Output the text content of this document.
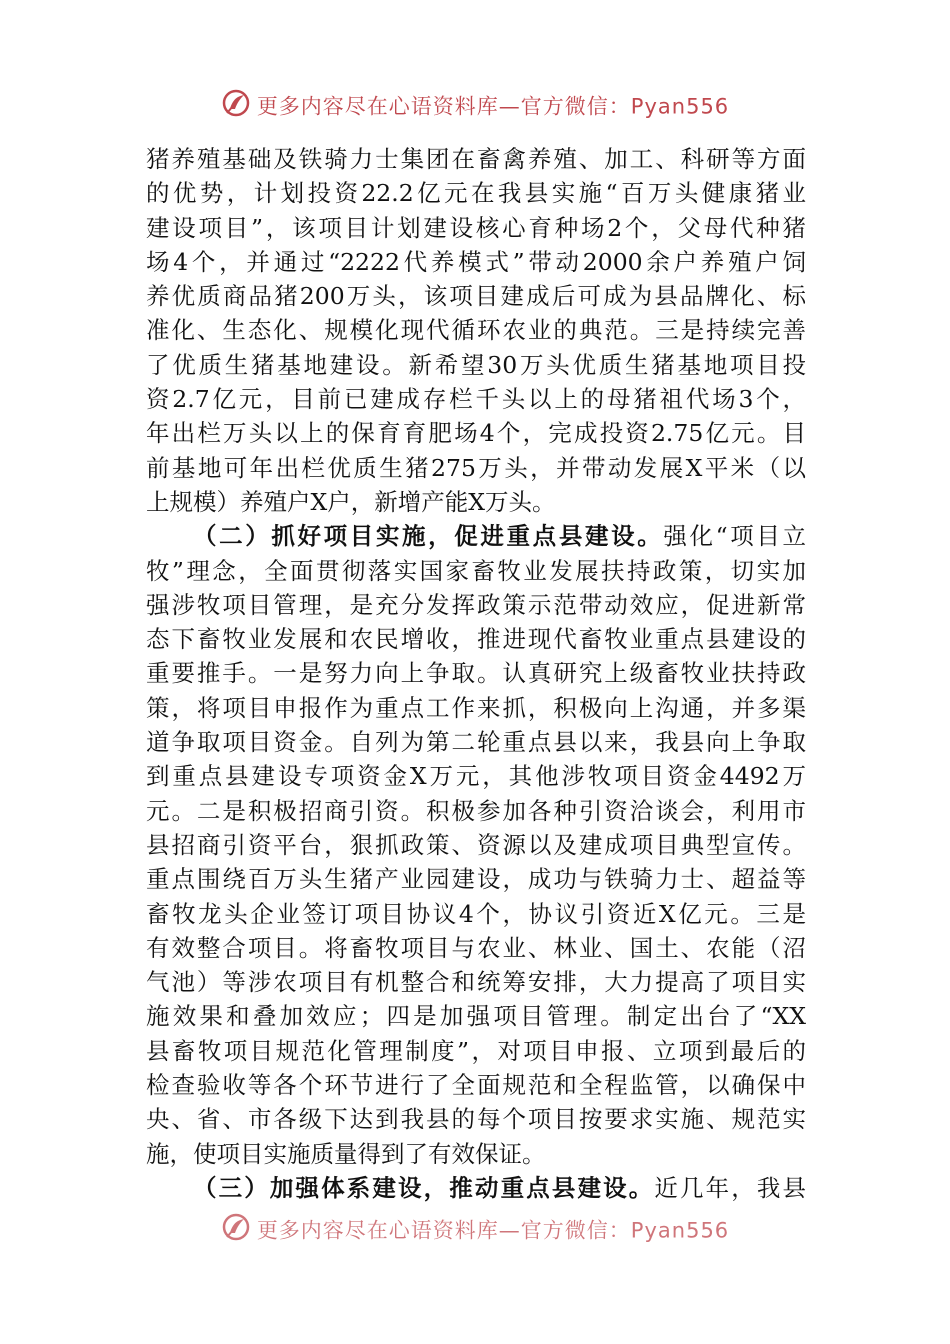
更多内容尽在心语资料库—官方微信：Pyan556
猪养殖基础及铁骑力士集团在畜禽养殖、加工、科研等方面
的优势，计划投资22.2亿元在我县实施“百万头健康猪业
建设项目”，该项目计划建设核心育种场2个，父母代种猪
场4个，并通过“2222代养模式”带动2000余户养殖户饲
养优质商品猪200万头，该项目建成后可成为县品牌化、标
准化、生态化、规模化现代循环农业的典范。三是持续完善
了优质生猪基地建设。新希望30万头优质生猪基地项目投
资2.7亿元，目前已建成存栏千头以上的母猪祖代场3个，
年出栏万头以上的保育育肥场4个，完成投资2.75亿元。目
前基地可年出栏优质生猪275万头，并带动发展X平米（以
上规模）养殖户X户，新增产能X万头。
（二）抓好项目实施，促进重点县建设。强化“项目立
牧”理念，全面贯彻落实国家畜牧业发展扶持政策，切实加
强涉牧项目管理，是充分发挥政策示范带动效应，促进新常
态下畜牧业发展和农民增收，推进现代畜牧业重点县建设的
重要推手。一是努力向上争取。认真研究上级畜牧业扶持政
策，将项目申报作为重点工作来抓，积极向上沟通，并多渠
道争取项目资金。自列为第二轮重点县以来，我县向上争取
到重点县建设专项资金X万元，其他涉牧项目资金4492万
元。二是积极招商引资。积极参加各种引资洽谈会，利用市
县招商引资平台，狠抓政策、资源以及建成项目典型宣传。
重点围绕百万头生猪产业园建设，成功与铁骑力士、超益等
畜牧龙头企业签订项目协议4个，协议引资近X亿元。三是
有效整合项目。将畜牧项目与农业、林业、国土、农能（沼
气池）等涉农项目有机整合和统筹安排，大力提高了项目实
施效果和叠加效应；四是加强项目管理。制定出台了“XX
县畜牧项目规范化管理制度”，对项目申报、立项到最后的
检查验收等各个环节进行了全面规范和全程监管，以确保中
央、省、市各级下达到我县的每个项目按要求实施、规范实
施，使项目实施质量得到了有效保证。
（三）加强体系建设，推动重点县建设。近几年，我县
更多内容尽在心语资料库—官方微信：Pyan556
